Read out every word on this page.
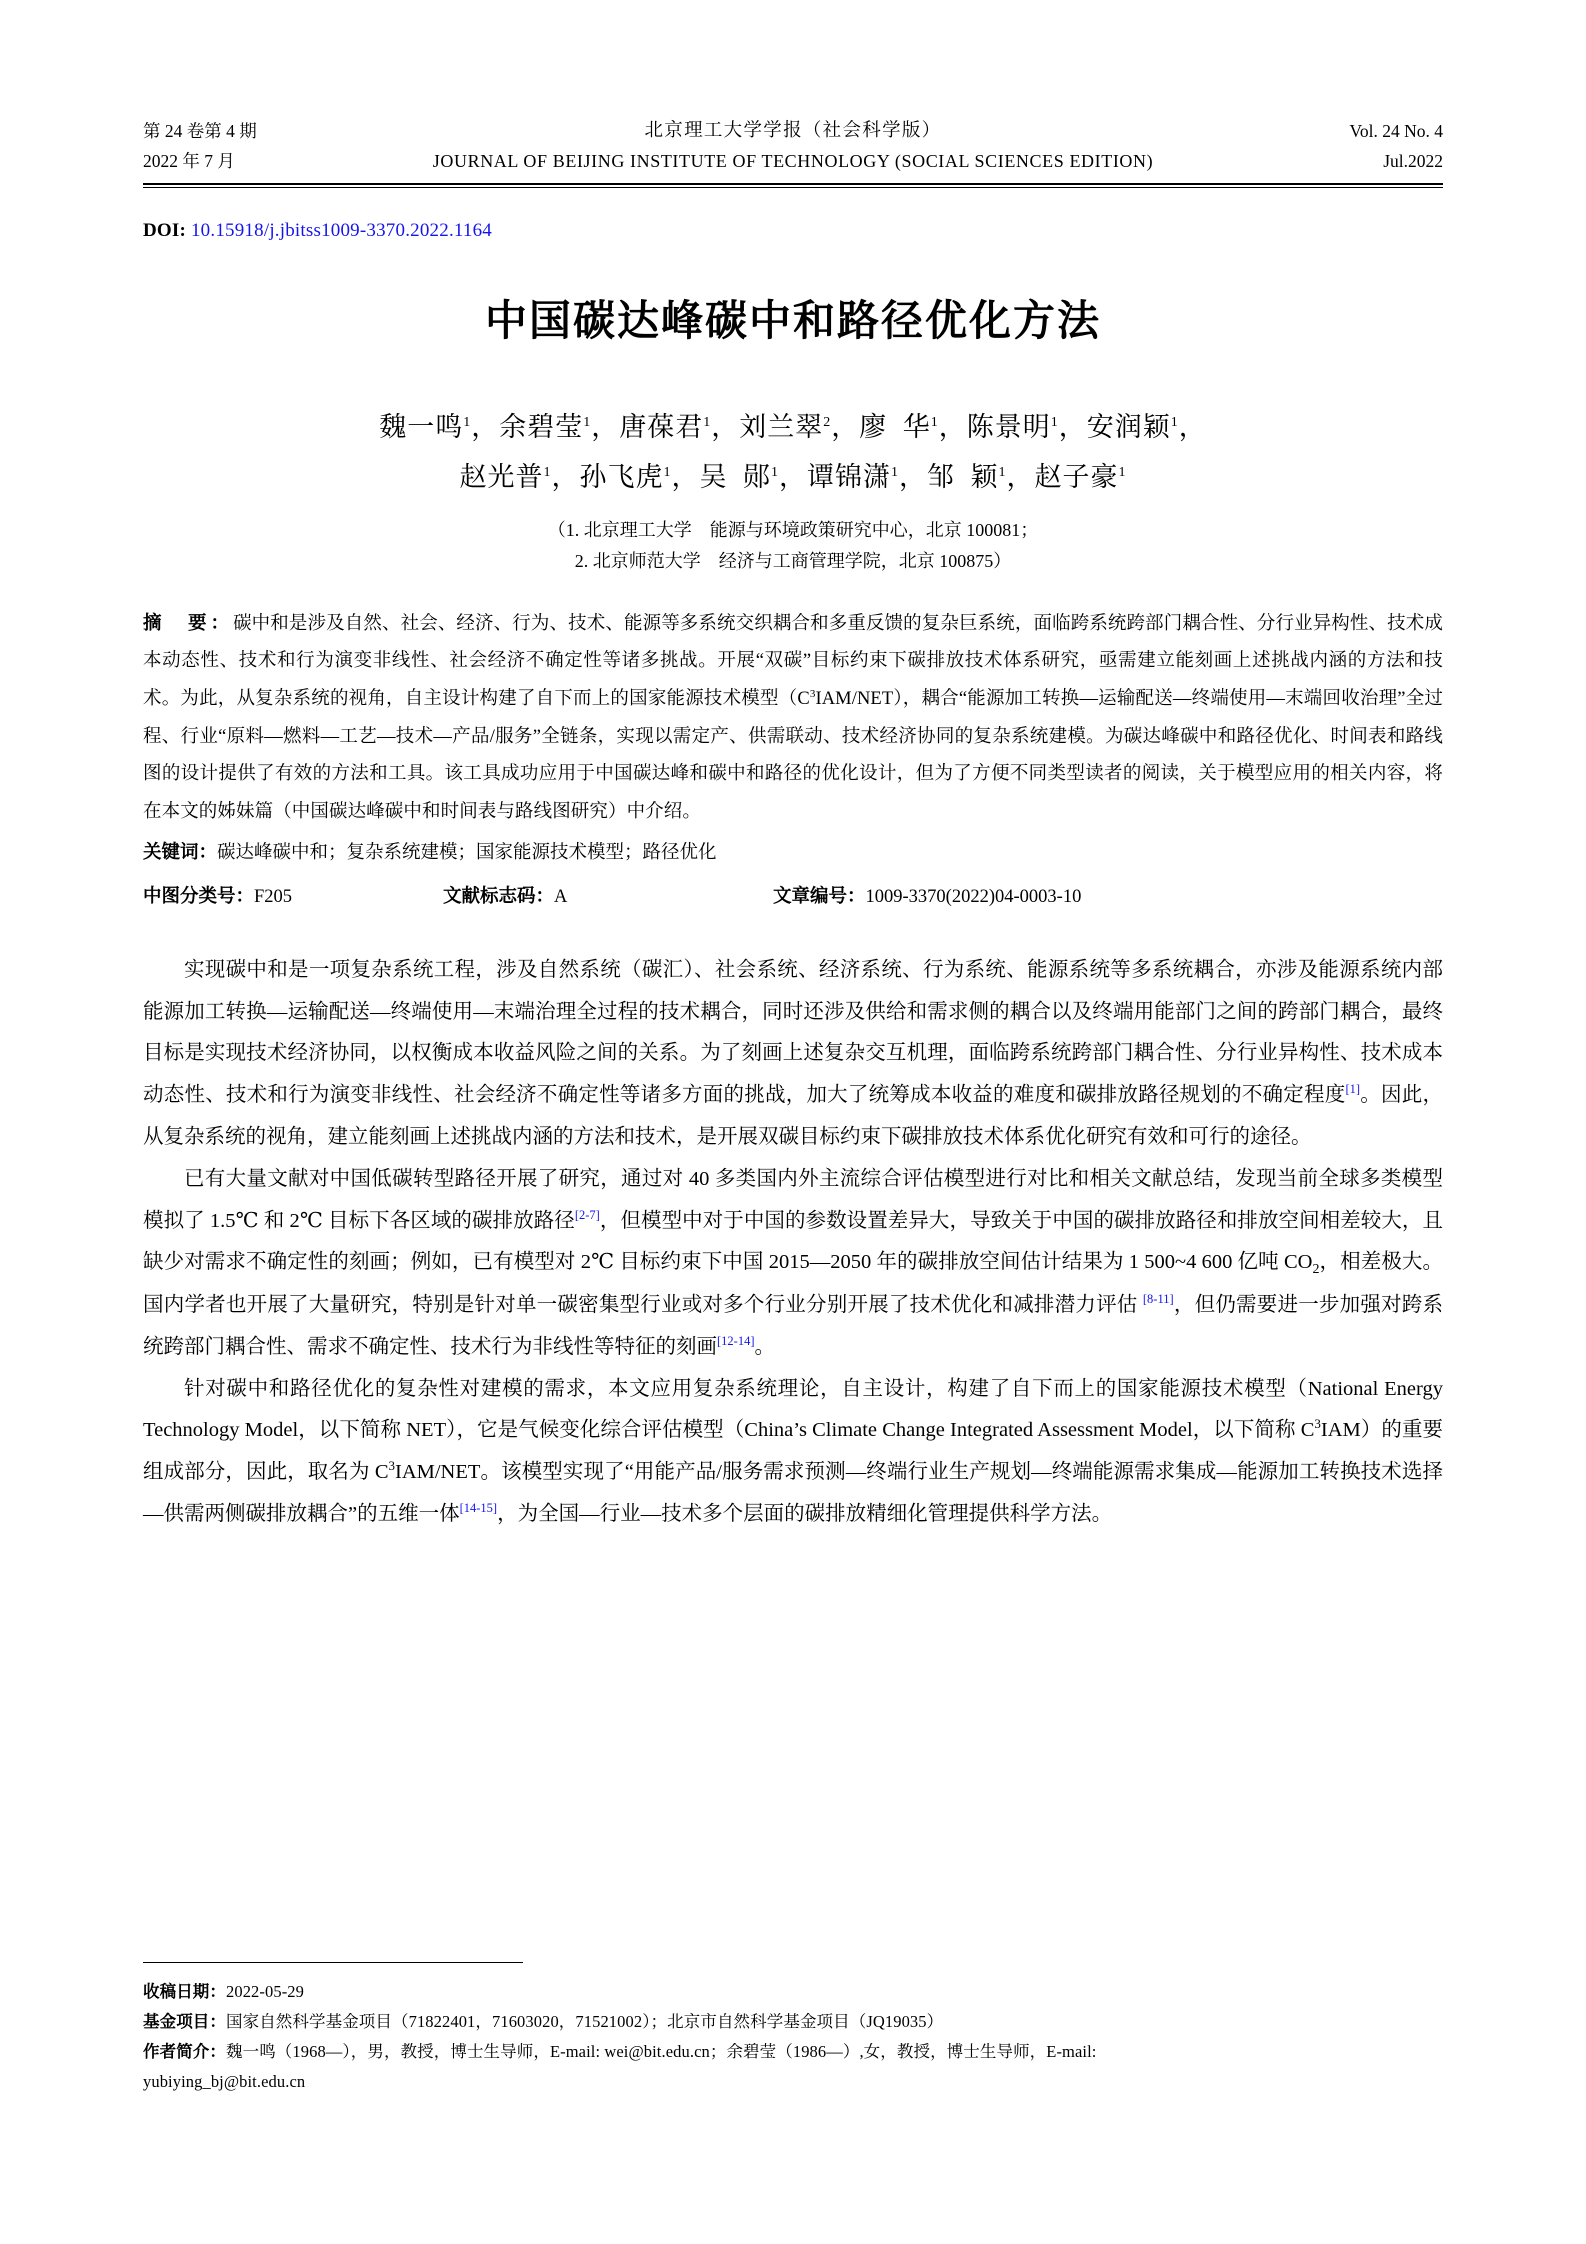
第 24 卷第 4 期
2022 年 7 月
北京理工大学学报（社会科学版）
JOURNAL OF BEIJING INSTITUTE OF TECHNOLOGY (SOCIAL SCIENCES EDITION)
Vol. 24 No. 4
Jul.2022
DOI: 10.15918/j.jbitss1009-3370.2022.1164
中国碳达峰碳中和路径优化方法
魏一鸣$^1$，余碧莹$^1$，唐葆君$^1$，刘兰翠$^2$，廖  华$^1$，陈景明$^1$，安润颖$^1$，
赵光普$^1$，孙飞虎$^1$，吴  郧$^1$，谭锦潇$^1$，邹  颖$^1$，赵子豪$^1$
（1. 北京理工大学　能源与环境政策研究中心，北京 100081；
2. 北京师范大学　经济与工商管理学院，北京 100875）
摘　要：碳中和是涉及自然、社会、经济、行为、技术、能源等多系统交织耦合和多重反馈的复杂巨系统，面临跨系统跨部门耦合性、分行业异构性、技术成本动态性、技术和行为演变非线性、社会经济不确定性等诸多挑战。开展“双碳”目标约束下碳排放技术体系研究，亟需建立能刻画上述挑战内涵的方法和技术。为此，从复杂系统的视角，自主设计构建了自下而上的国家能源技术模型$(C^3IAM/NET)$，耦合“能源加工转换—运输配送—终端使用—末端回收治理”全过程、行业“原料—燃料—工艺—技术—产品/服务”全链条，实现以需定产、供需联动、技术经济协同的复杂系统建模。为碳达峰碳中和路径优化、时间表和路线图的设计提供了有效的方法和工具。该工具成功应用于中国碳达峰和碳中和路径的优化设计，但为了方便不同类型读者的阅读，关于模型应用的相关内容，将在本文的姊妹篇（中国碳达峰碳中和时间表与路线图研究）中介绍。
关键词：碳达峰碳中和；复杂系统建模；国家能源技术模型；路径优化
中图分类号：F205	文献标志码：A	文章编号：1009-3370(2022)04-0003-10

实现碳中和是一项复杂系统工程，涉及自然系统（碳汇）、社会系统、经济系统、行为系统、能源系统等多系统耦合，亦涉及能源系统内部能源加工转换—运输配送—终端使用—末端治理全过程的技术耦合，同时还涉及供给和需求侧的耦合以及终端用能部门之间的跨部门耦合，最终目标是实现技术经济协同，以权衡成本收益风险之间的关系。为了刻画上述复杂交互机理，面临跨系统跨部门耦合性、分行业异构性、技术成本动态性、技术和行为演变非线性、社会经济不确定性等诸多方面的挑战，加大了统筹成本收益的难度和碳排放路径规划的不确定程度[1]。因此，从复杂系统的视角，建立能刻画上述挑战内涵的方法和技术，是开展双碳目标约束下碳排放技术体系优化研究有效和可行的途径。

已有大量文献对中国低碳转型路径开展了研究，通过对 40 多类国内外主流综合评估模型进行对比和相关文献总结，发现当前全球多类模型模拟了 1.5℃ 和 2℃ 目标下各区域的碳排放路径[2-7]，但模型中对于中国的参数设置差异大，导致关于中国的碳排放路径和排放空间相差较大，且缺少对需求不确定性的刻画；例如，已有模型对 2℃ 目标约束下中国 2015—2050 年的碳排放空间估计结果为 1 500~4 600 亿吨 $CO_2$，相差极大。国内学者也开展了大量研究，特别是针对单一碳密集型行业或对多个行业分别开展了技术优化和减排潜力评估 [8-11]，但仍需要进一步加强对跨系统跨部门耦合性、需求不确定性、技术行为非线性等特征的刻画[12-14]。

针对碳中和路径优化的复杂性对建模的需求，本文应用复杂系统理论，自主设计，构建了自下而上的国家能源技术模型（National Energy Technology Model，以下简称 NET），它是气候变化综合评估模型（China’s Climate Change Integrated Assessment Model，以下简称 $C^3IAM$）的重要组成部分，因此，取名为 $C^3IAM$/NET。该模型实现了“用能产品/服务需求预测—终端行业生产规划—终端能源需求集成—能源加工转换技术选择—供需两侧碳排放耦合”的五维一体[14-15]，为全国—行业—技术多个层面的碳排放精细化管理提供科学方法。

收稿日期：2022-05-29
基金项目：国家自然科学基金项目（71822401，71603020，71521002）；北京市自然科学基金项目（JQ19035）
作者简介：魏一鸣（1968—），男，教授，博士生导师，E-mail: wei@bit.edu.cn；余碧莹（1986—）,女，教授，博士生导师，E-mail:
yubiying_bj@bit.edu.cn
